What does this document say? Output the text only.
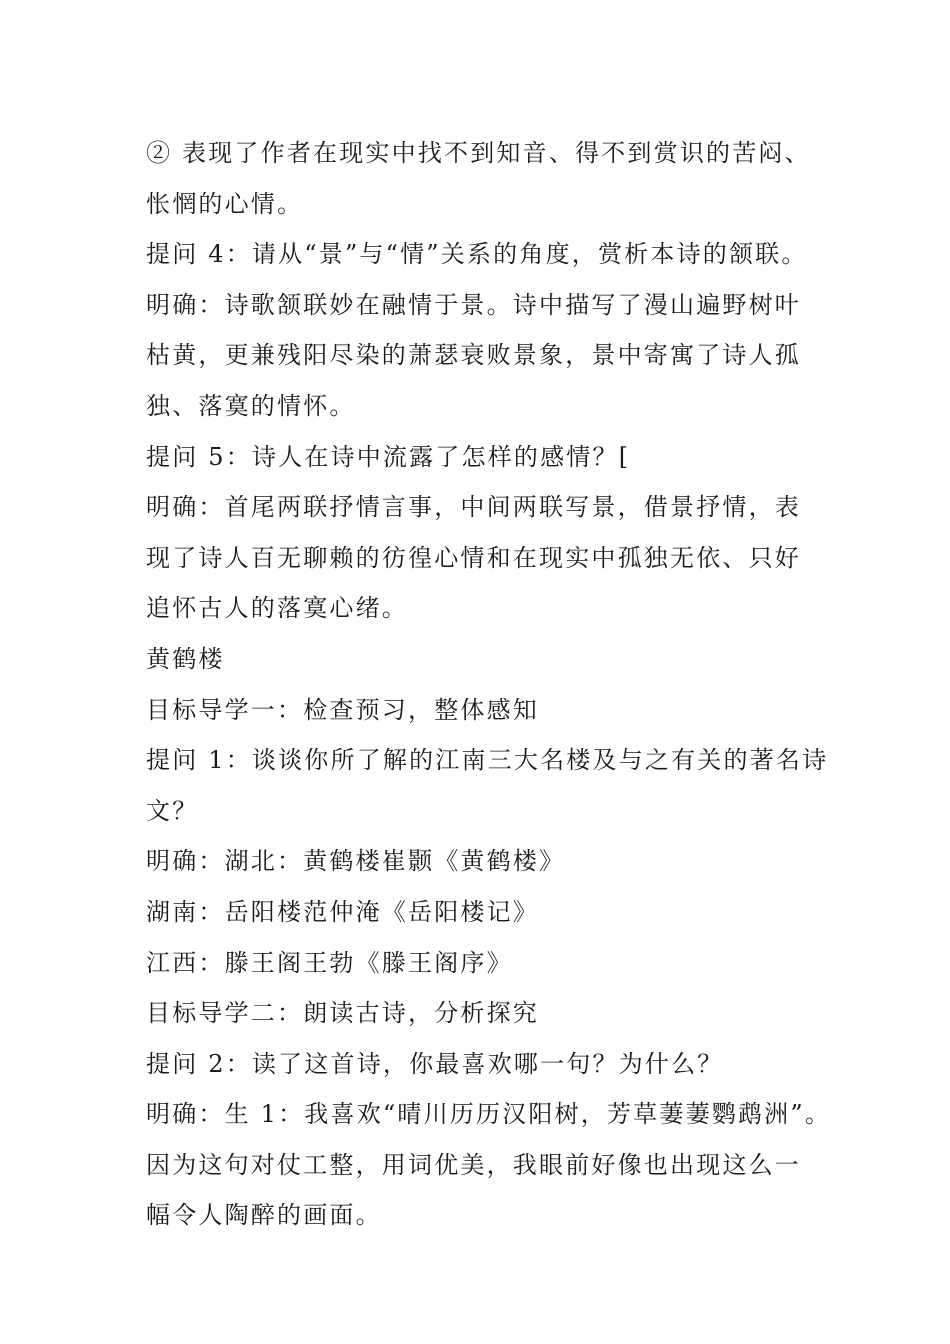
② 表现了作者在现实中找不到知音、得不到赏识的苦闷、
怅惘的心情。
提问 4：请从“景”与“情”关系的角度，赏析本诗的颔联。
明确：诗歌颔联妙在融情于景。诗中描写了漫山遍野树叶
枯黄，更兼残阳尽染的萧瑟衰败景象，景中寄寓了诗人孤
独、落寞的情怀。
提问 5：诗人在诗中流露了怎样的感情？[
明确：首尾两联抒情言事，中间两联写景，借景抒情，表
现了诗人百无聊赖的彷徨心情和在现实中孤独无依、只好
追怀古人的落寞心绪。
黄鹤楼
目标导学一：检查预习，整体感知
提问 1：谈谈你所了解的江南三大名楼及与之有关的著名诗
文？
明确：湖北：黄鹤楼崔颢《黄鹤楼》
湖南：岳阳楼范仲淹《岳阳楼记》
江西：滕王阁王勃《滕王阁序》
目标导学二：朗读古诗，分析探究
提问 2：读了这首诗，你最喜欢哪一句？为什么？
明确：生 1：我喜欢“晴川历历汉阳树，芳草萋萋鹦鹉洲”。
因为这句对仗工整，用词优美，我眼前好像也出现这么一
幅令人陶醉的画面。
